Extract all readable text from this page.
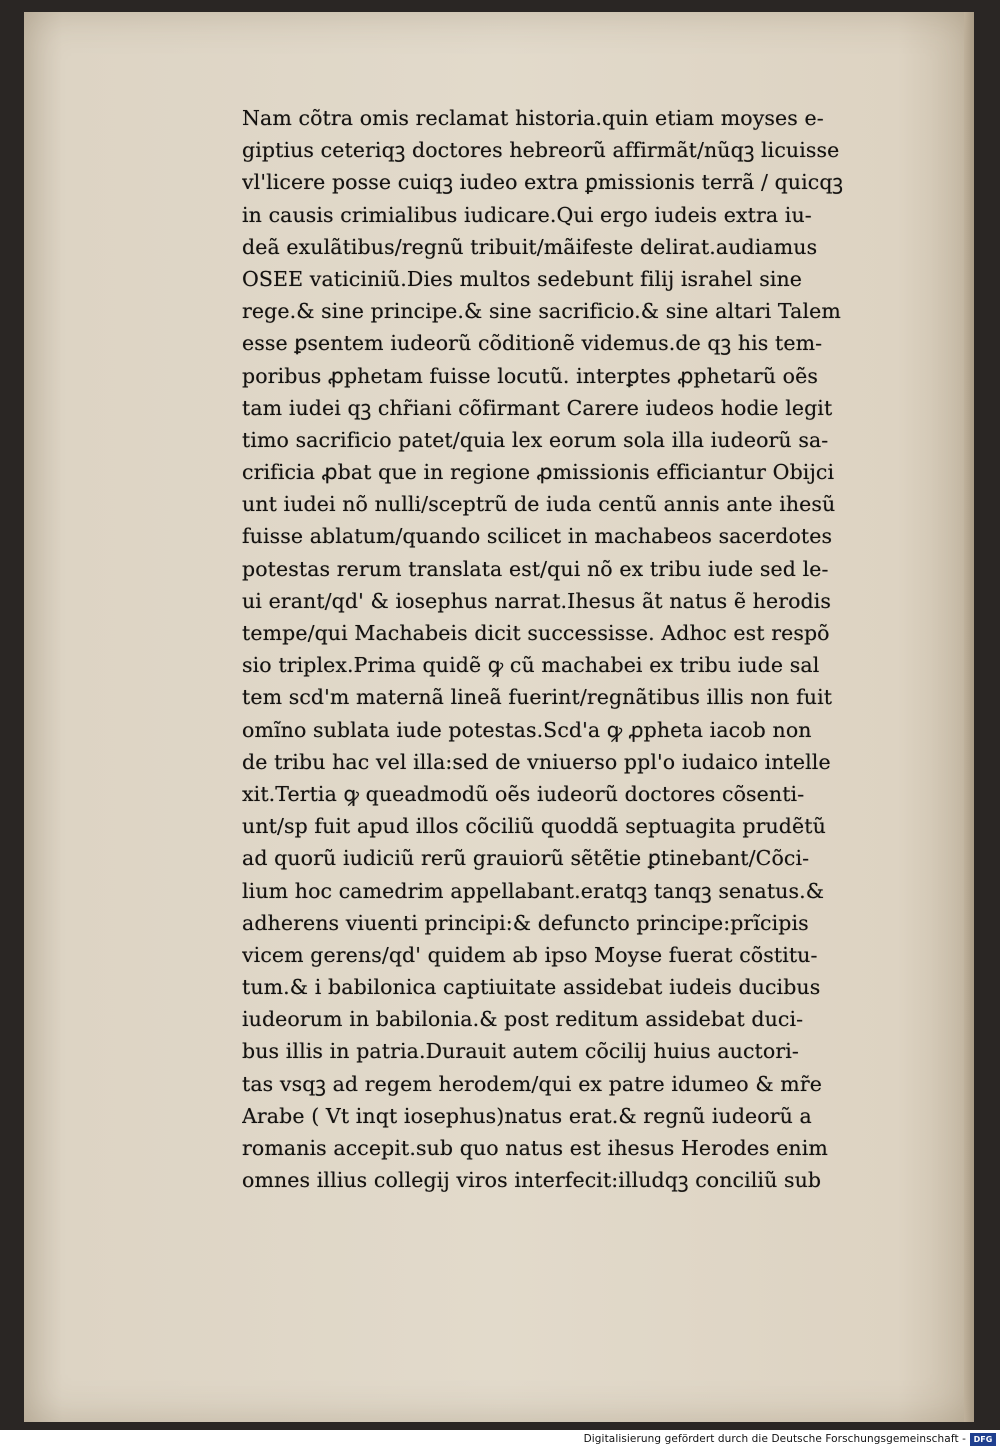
Nam cõtra omis reclamat historia.quin etiam moyses e-
giptius ceteriqꝫ doctores hebreorũ affirmãt/nũqꝫ licuisse
vl'licere posse cuiqꝫ iudeo extra ꝑmissionis terrã / quicqꝫ
in causis crimialibus iudicare.Qui ergo iudeis extra iu-
deã exulãtibus/regnũ tribuit/mãifeste delirat.audiamus
OSEE vaticiniũ.Dies multos sedebunt filij israhel sine
rege.& sine principe.& sine sacrificio.& sine altari Talem
esse ꝑsentem iudeorũ cõditionẽ videmus.de qꝫ his tem-
poribus ꝓphetam fuisse locutũ. interꝑtes ꝓphetarũ oẽs
tam iudei qꝫ chr̃iani cõfirmant Carere iudeos hodie legit
timo sacrificio patet/quia lex eorum sola illa iudeorũ sa-
crificia ꝓbat que in regione ꝓmissionis efficiantur Obijci
unt iudei nõ nulli/sceptrũ de iuda centũ annis ante ihesũ
fuisse ablatum/quando scilicet in machabeos sacerdotes
potestas rerum translata est/qui nõ ex tribu iude sed le-
ui erant/qd' & iosephus narrat.Ihesus ãt natus ẽ herodis
tempe/qui Machabeis dicit successisse. Adhoc est respõ
sio triplex.Prima quidẽ ꝙ cũ machabei ex tribu iude sal
tem scd'm maternã lineã fuerint/regnãtibus illis non fuit
omĩno sublata iude potestas.Scd'a ꝙ ꝓpheta iacob non
de tribu hac vel illa:sed de vniuerso ppl'o iudaico intelle
xit.Tertia ꝙ queadmodũ oẽs iudeorũ doctores cõsenti-
unt/sp fuit apud illos cõciliũ quoddã septuagita prudẽtũ
ad quorũ iudiciũ rerũ grauiorũ sẽtẽtie ꝑtinebant/Cõci-
lium hoc camedrim appellabant.eratqꝫ tanqꝫ senatus.&
adherens viuenti principi:& defuncto principe:prĩcipis
vicem gerens/qd' quidem ab ipso Moyse fuerat cõstitu-
tum.& i babilonica captiuitate assidebat iudeis ducibus
iudeorum in babilonia.& post reditum assidebat duci-
bus illis in patria.Durauit autem cõcilij huius auctori-
tas vsqꝫ ad regem herodem/qui ex patre idumeo & mr̃e
Arabe ( Vt inqt iosephus)natus erat.& regnũ iudeorũ a
romanis accepit.sub quo natus est ihesus Herodes enim
omnes illius collegij viros interfecit:illudqꝫ conciliũ sub
Digitalisierung gefördert durch die Deutsche Forschungsgemeinschaft - DFG
